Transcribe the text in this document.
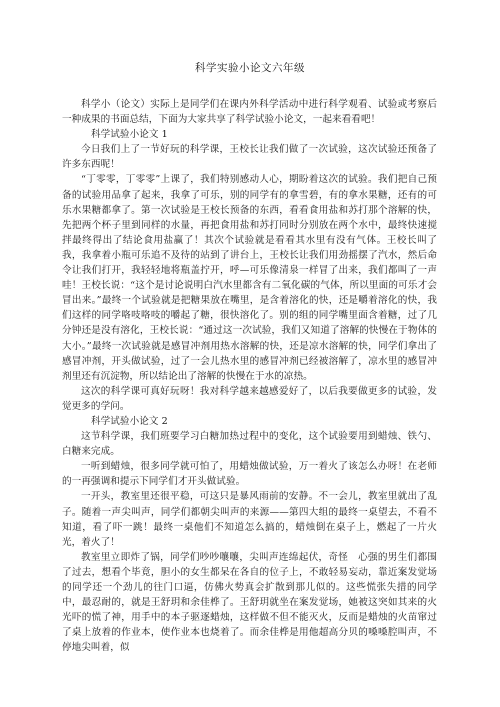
科学实验小论文六年级

科学小（论文）实际上是同学们在课内外科学活动中进行科学观看、试验或考察后一种成果的书面总结，下面为大家共享了科学试验小论文，一起来看看吧！

科学试验小论文 1

今日我们上了一节好玩的科学课，王校长让我们做了一次试验，这次试验还预备了许多东西呢！

“丁零零，丁零零”上课了，我们特别感动人心，期盼着这次的试验。我们把自己预备的试验用品拿了起来，我拿了可乐，别的同学有的拿雪碧，有的拿水果糖，还有的可乐水果糖都拿了。第一次试验是王校长预备的东西，看看食用盐和苏打那个溶解的快，先把两个杯子里到同样的水量，再把食用盐和苏打同时分别放在两个水中，最终快速搅拌最终得出了结论食用盐赢了！其次个试验就是看看其水里有没有气体。王校长叫了我，我拿着小瓶可乐追不及待的站到了讲台上，王校长让我们用劲摇摆了汽水，然后命令让我们打开，我轻轻地将瓶盖拧开，呼—可乐像清泉一样冒了出来，我们都叫了一声哇！王校长说：“这个是讨论说明白汽水里都含有二氧化碳的气体，所以里面的可乐才会冒出来。”最终一个试验就是把糖果放在嘴里，是含着溶化的快，还是嚼着溶化的快，我们这样的同学咯吱咯吱的嚼起了糖，很快溶化了。别的组的同学嘴里面含着糖，过了几分钟还是没有溶化，王校长说：“通过这一次试验，我们又知道了溶解的快慢在于物体的大小。”最终一次试验就是感冒冲剂用热水溶解的快，还是凉水溶解的快，同学们拿出了感冒冲剂，开头做试验，过了一会儿热水里的感冒冲剂已经被溶解了，凉水里的感冒冲剂里还有沉淀物，所以结论出了溶解的快慢在于水的凉热。

这次的科学课可真好玩呀！我对科学越来越感爱好了，以后我要做更多的试验，发觉更多的学问。

科学试验小论文 2

这节科学课，我们班要学习白糖加热过程中的变化，这个试验要用到蜡烛、铁勺、白糖来完成。

一听到蜡烛，很多同学就可怕了，用蜡烛做试验，万一着火了该怎么办呀！在老师的一再强调和提示下同学们才开头做试验。

一开头，教室里还很平稳，可这只是暴风雨前的安静。不一会儿，教室里就出了乱子。随着一声尖叫声，同学们都朝尖叫声的来源——第四大组的最终一桌望去，不看不知道，看了吓一跳！最终一桌他们不知道怎么搞的，蜡烛倒在桌子上，燃起了一片火光，着火了！

教室里立即炸了锅，同学们吵吵嚷嚷，尖叫声连绵起伏，奇怪　心强的男生们都围了过去，想看个毕竟，胆小的女生都呆在各自的位子上，不敢轻易妄动，靠近案发觉场的同学还一个劲儿的往门口逼，仿佛火势真会扩散到那儿似的。这些慌张失措的同学中，最忍耐的，就是王舒玥和余佳桦了。王舒玥就坐在案发觉场，她被这突如其来的火光吓的慌了神，用手中的本子驱逐蜡烛，这样做不但不能灭火，反而是蜡烛的火苗窜过了桌上放着的作业本，使作业本也烧着了。而余佳桦是用他超高分贝的嗓嗓腔叫声，不停地尖叫着，似
